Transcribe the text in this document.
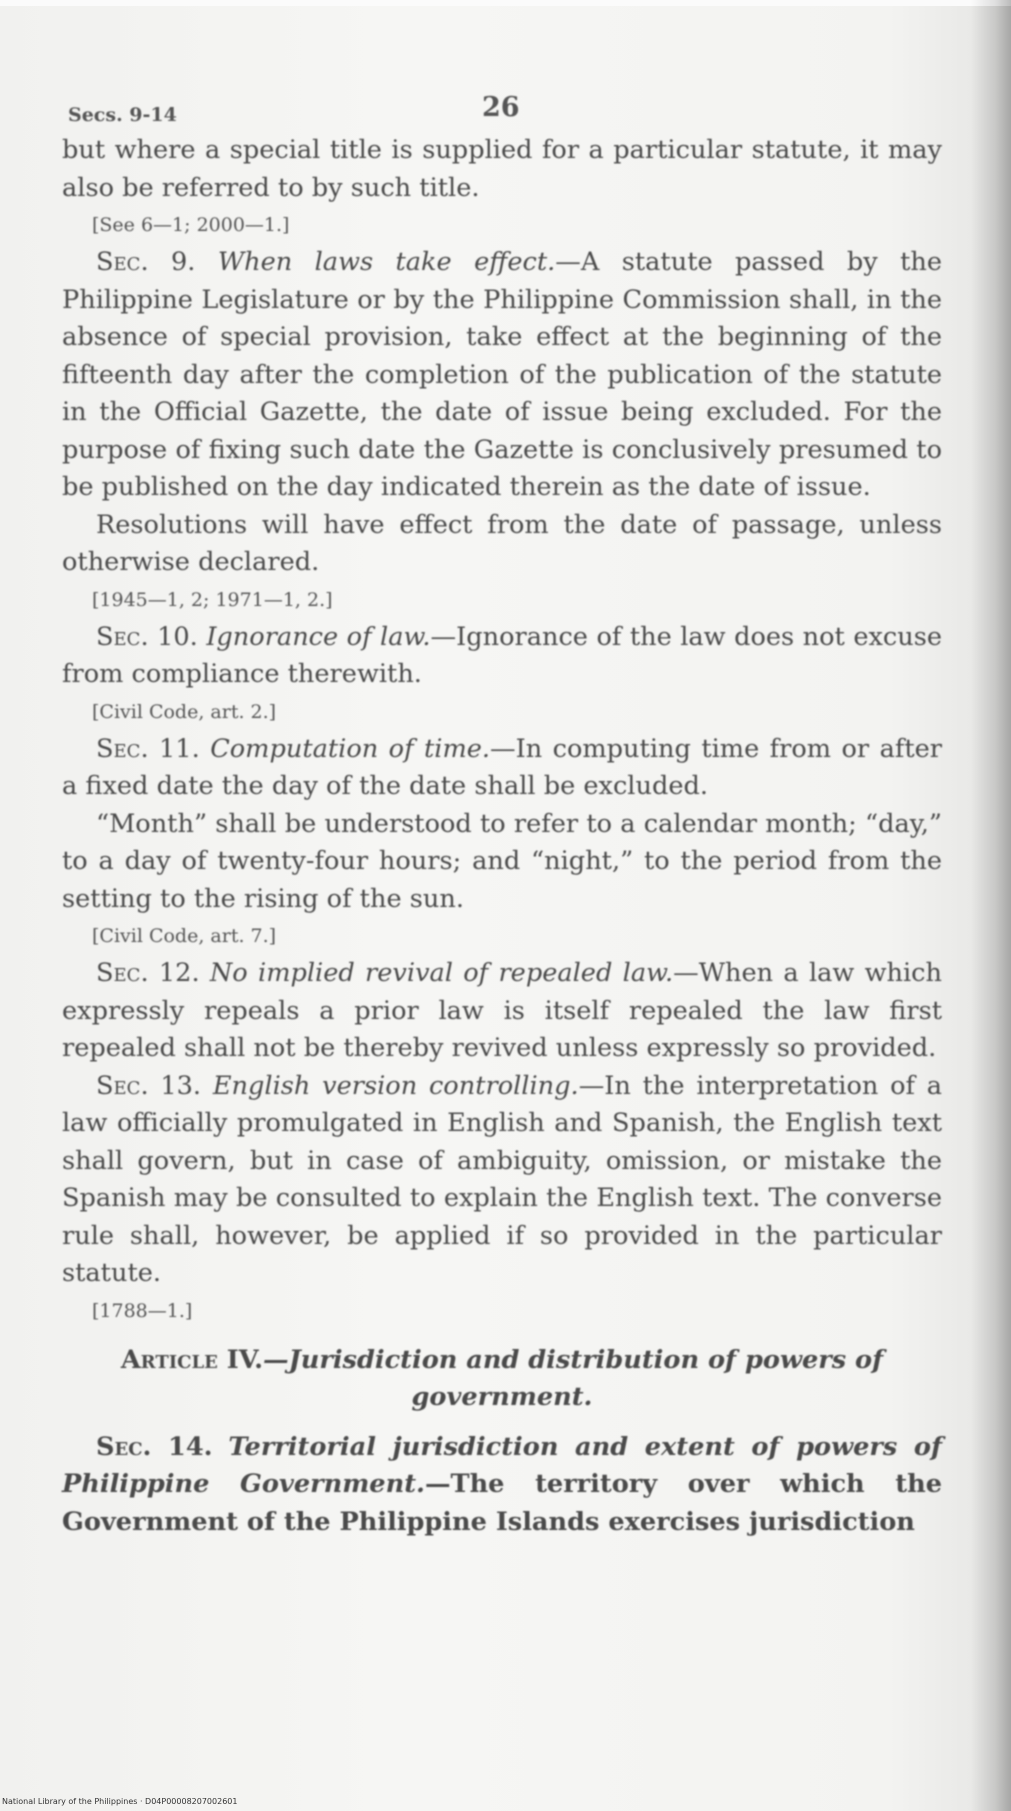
Secs. 9-14	26

but where a special title is supplied for a particular statute, it may also be referred to by such title.

[See 6—1; 2000—1.]

Sec. 9. When laws take effect.—A statute passed by the Philippine Legislature or by the Philippine Commission shall, in the absence of special provision, take effect at the beginning of the fifteenth day after the completion of the publication of the statute in the Official Gazette, the date of issue being excluded. For the purpose of fixing such date the Gazette is conclusively presumed to be published on the day indicated therein as the date of issue.

Resolutions will have effect from the date of passage, unless otherwise declared.

[1945—1, 2; 1971—1, 2.]

Sec. 10. Ignorance of law.—Ignorance of the law does not excuse from compliance therewith.

[Civil Code, art. 2.]

Sec. 11. Computation of time.—In computing time from or after a fixed date the day of the date shall be excluded.

“Month” shall be understood to refer to a calendar month; “day,” to a day of twenty-four hours; and “night,” to the period from the setting to the rising of the sun.

[Civil Code, art. 7.]

Sec. 12. No implied revival of repealed law.—When a law which expressly repeals a prior law is itself repealed the law first repealed shall not be thereby revived unless expressly so provided.

Sec. 13. English version controlling.—In the interpretation of a law officially promulgated in English and Spanish, the English text shall govern, but in case of ambiguity, omission, or mistake the Spanish may be consulted to explain the English text. The converse rule shall, however, be applied if so provided in the particular statute.

[1788—1.]
Article IV.—Jurisdiction and distribution of powers of government.

Sec. 14. Territorial jurisdiction and extent of powers of Philippine Government.—The territory over which the Government of the Philippine Islands exercises jurisdiction

National Library of the Philippines · D04P00008207002601
